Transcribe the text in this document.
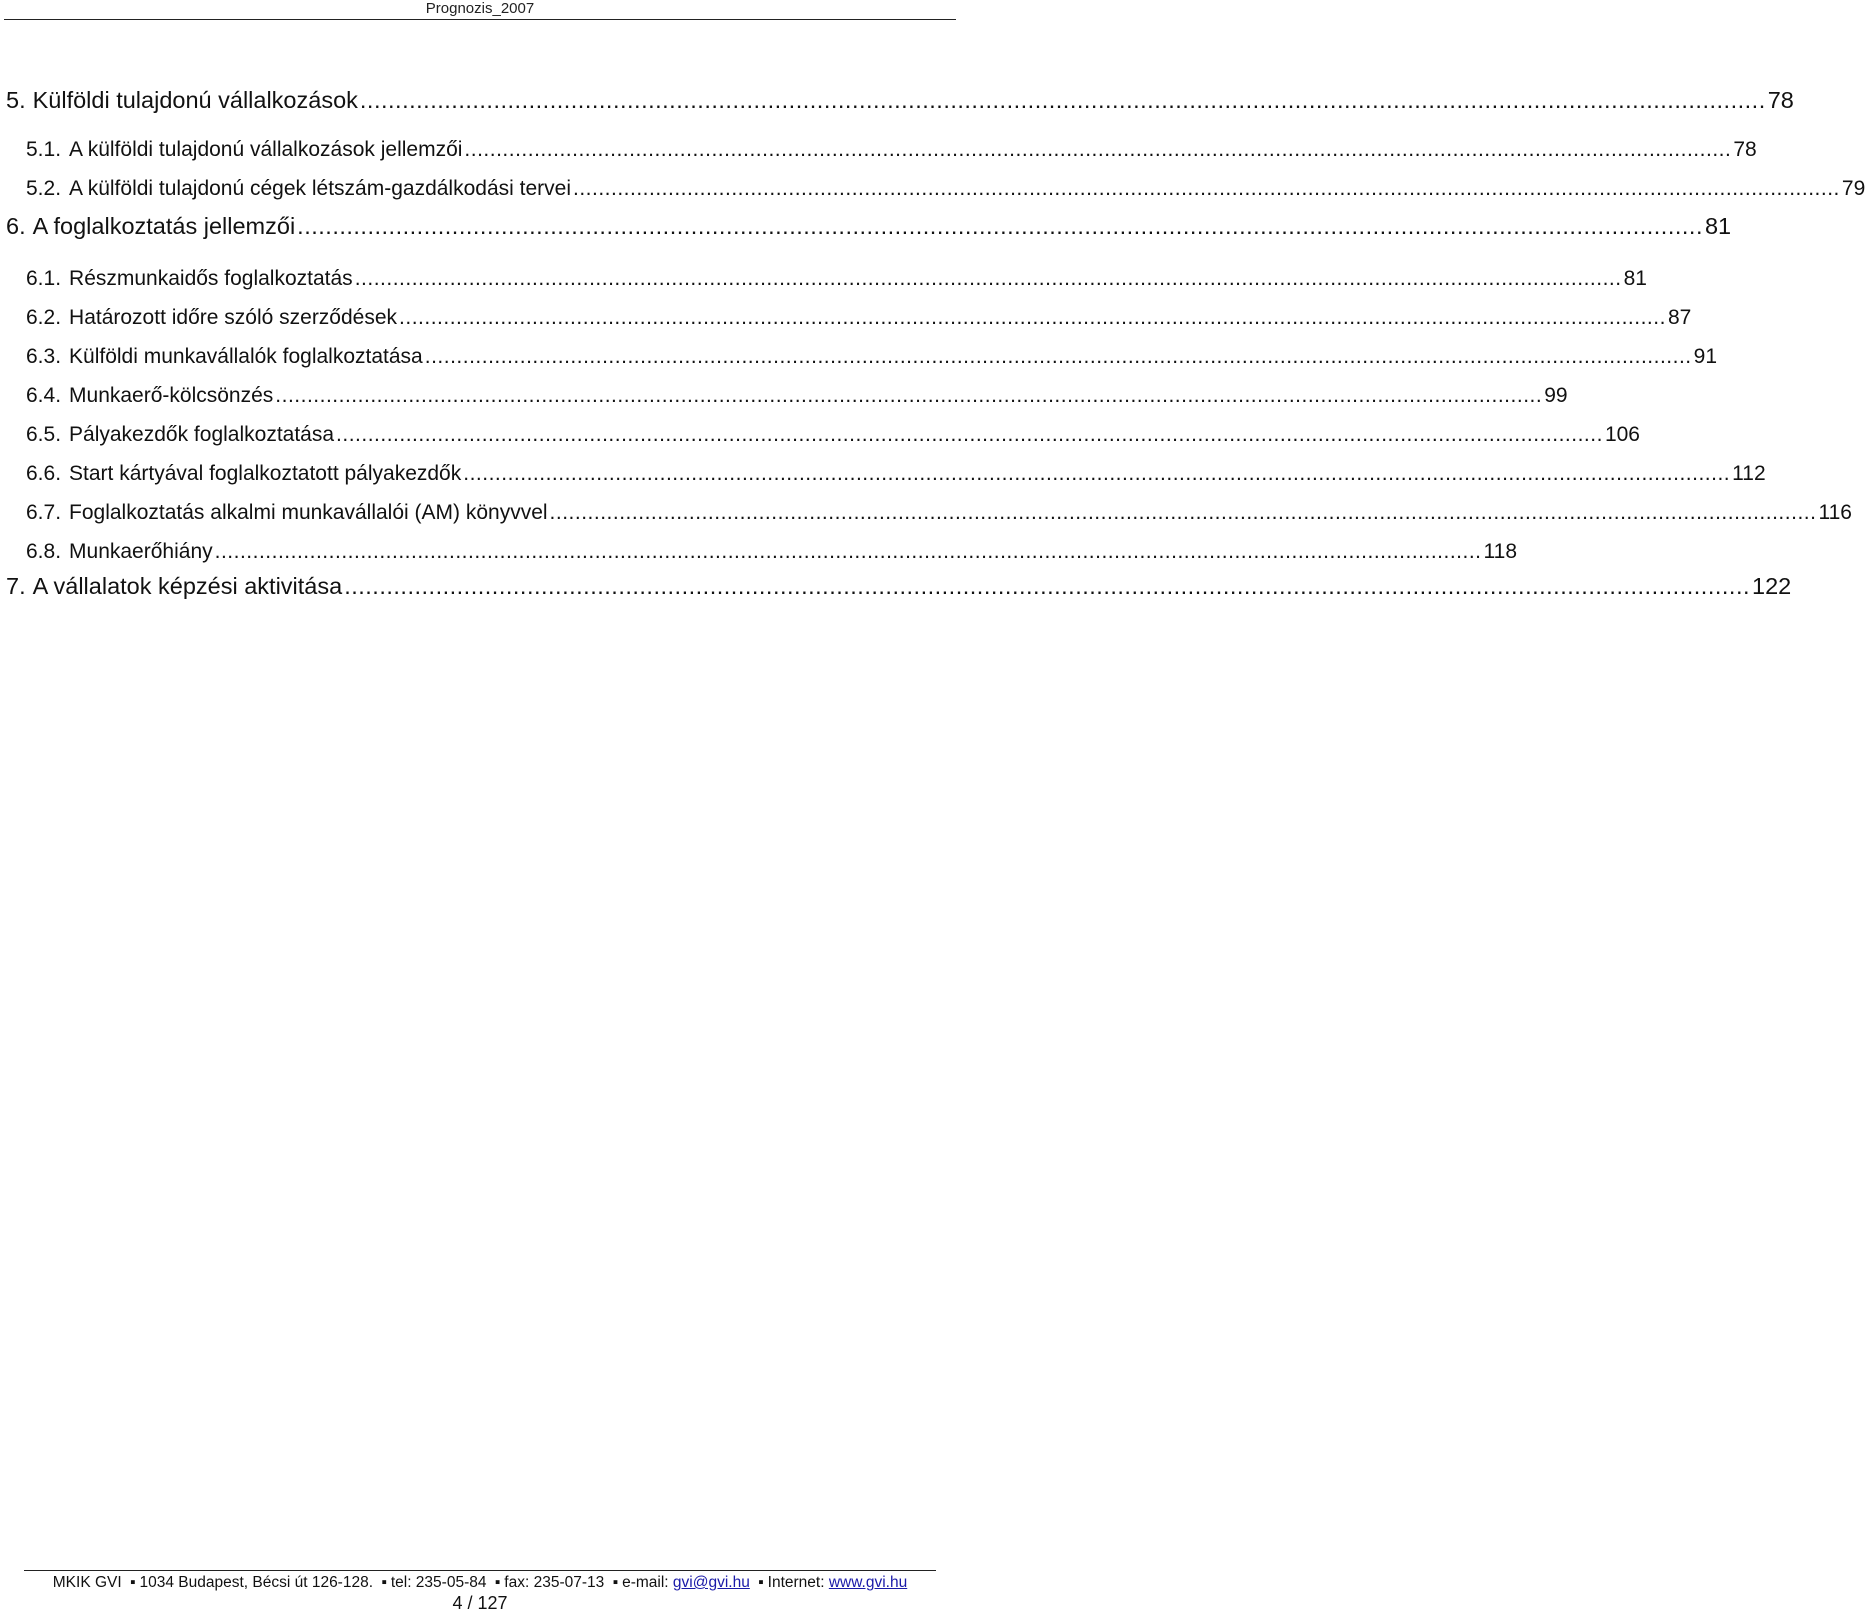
Prognozis_2007
5. Külföldi tulajdonú vállalkozások ........................................................................................................................................................................................................ 78
5.1. A külföldi tulajdonú vállalkozások jellemzői ........................................................................................................................................................................................................ 78
5.2. A külföldi tulajdonú cégek létszám-gazdálkodási tervei ........................................................................................................................................................................................................ 79
6. A foglalkoztatás jellemzői ........................................................................................................................................................................................................ 81
6.1. Részmunkaidős foglalkoztatás ........................................................................................................................................................................................................ 81
6.2. Határozott időre szóló szerződések ........................................................................................................................................................................................................ 87
6.3. Külföldi munkavállalók foglalkoztatása ........................................................................................................................................................................................................ 91
6.4. Munkaerő-kölcsönzés ........................................................................................................................................................................................................ 99
6.5. Pályakezdők foglalkoztatása ........................................................................................................................................................................................................ 106
6.6. Start kártyával foglalkoztatott pályakezdők ........................................................................................................................................................................................................ 112
6.7. Foglalkoztatás alkalmi munkavállalói (AM) könyvvel ........................................................................................................................................................................................................ 116
6.8. Munkaerőhiány ........................................................................................................................................................................................................ 118
7. A vállalatok képzési aktivitása ........................................................................................................................................................................................................ 122
MKIK GVI ▪ 1034 Budapest, Bécsi út 126-128. ▪ tel: 235-05-84 ▪ fax: 235-07-13 ▪ e-mail: gvi@gvi.hu ▪ Internet: www.gvi.hu
4 / 127
